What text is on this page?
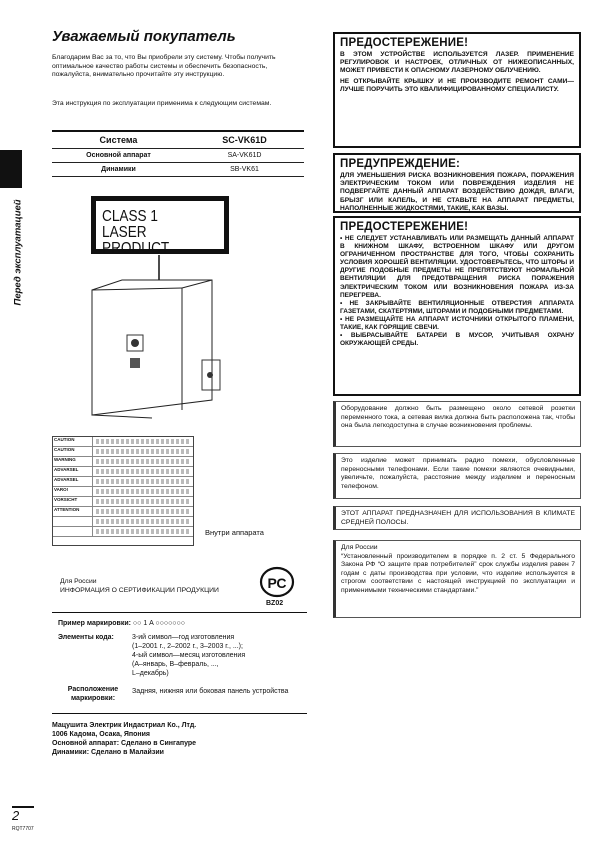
Уважаемый покупатель
Благодарим Вас за то, что Вы приобрели эту систему. Чтобы получить оптимальное качество работы системы и обеспечить безопасность, пожалуйста, внимательно прочитайте эту инструкцию.
Эта инструкция по эксплуатации применима к следующим системам.
Перед эксплуатацией
Система	SC-VK61D
Основной аппарат	SA-VK61D
Динамики	SB-VK61
CLASS 1
LASER PRODUCT
CAUTION
CAUTION
WARNING
ADVARSEL
ADVARSEL
VARO!
VORSICHT
ATTENTION
Внутри аппарата
Для России
ИНФОРМАЦИЯ О СЕРТИФИКАЦИИ ПРОДУКЦИИ	РС
BZ02
Пример маркировки: ○○ 1 A ○○○○○○○
Элементы кода:	3-ий символ—год изготовления
(1–2001 г., 2–2002 г., 3–2003 г., ...);
4-ый символ—месяц изготовления
(A–январь, B–февраль, ...,
L–декабрь)
Расположение
маркировки:
Задняя, нижняя или боковая панель устройства
Мацушита Электрик Индастриал Ко., Лтд.
1006 Кадома, Осака, Япония
Основной аппарат: Сделано в Сингапуре
Динамики: Сделано в Малайзии
2
RQT7707
ПРЕДОСТЕРЕЖЕНИЕ!

В ЭТОМ УСТРОЙСТВЕ ИСПОЛЬЗУЕТСЯ ЛАЗЕР. ПРИМЕНЕНИЕ РЕГУЛИРОВОК И НАСТРОЕК, ОТЛИЧНЫХ ОТ НИЖЕОПИСАННЫХ, МОЖЕТ ПРИВЕСТИ К ОПАСНОМУ ЛАЗЕРНОМУ ОБЛУЧЕНИЮ.

НЕ ОТКРЫВАЙТЕ КРЫШКУ И НЕ ПРОИЗВОДИТЕ РЕМОНТ САМИ—ЛУЧШЕ ПОРУЧИТЬ ЭТО КВАЛИФИЦИРОВАННОМУ СПЕЦИАЛИСТУ.

ПРЕДУПРЕЖДЕНИЕ:

ДЛЯ УМЕНЬШЕНИЯ РИСКА ВОЗНИКНОВЕНИЯ ПОЖАРА, ПОРАЖЕНИЯ ЭЛЕКТРИЧЕСКИМ ТОКОМ ИЛИ ПОВРЕЖДЕНИЯ ИЗДЕЛИЯ НЕ ПОДВЕРГАЙТЕ ДАННЫЙ АППАРАТ ВОЗДЕЙСТВИЮ ДОЖДЯ, ВЛАГИ, БРЫЗГ ИЛИ КАПЕЛЬ, И НЕ СТАВЬТЕ НА АППАРАТ ПРЕДМЕТЫ, НАПОЛНЕННЫЕ ЖИДКОСТЯМИ, ТАКИЕ, КАК ВАЗЫ.

ПРЕДОСТЕРЕЖЕНИЕ!
• НЕ СЛЕДУЕТ УСТАНАВЛИВАТЬ ИЛИ РАЗМЕЩАТЬ ДАННЫЙ АППАРАТ В КНИЖНОМ ШКАФУ, ВСТРОЕННОМ ШКАФУ ИЛИ ДРУГОМ ОГРАНИЧЕННОМ ПРОСТРАНСТВЕ ДЛЯ ТОГО, ЧТОБЫ СОХРАНИТЬ УСЛОВИЯ ХОРОШЕЙ ВЕНТИЛЯЦИИ. УДОСТОВЕРЬТЕСЬ, ЧТО ШТОРЫ И ДРУГИЕ ПОДОБНЫЕ ПРЕДМЕТЫ НЕ ПРЕПЯТСТВУЮТ НОРМАЛЬНОЙ ВЕНТИЛЯЦИИ ДЛЯ ПРЕДОТВРАЩЕНИЯ РИСКА ПОРАЖЕНИЯ ЭЛЕКТРИЧЕСКИМ ТОКОМ ИЛИ ВОЗНИКНОВЕНИЯ ПОЖАРА ИЗ-ЗА ПЕРЕГРЕВА.
• НЕ ЗАКРЫВАЙТЕ ВЕНТИЛЯЦИОННЫЕ ОТВЕРСТИЯ АППАРАТА ГАЗЕТАМИ, СКАТЕРТЯМИ, ШТОРАМИ И ПОДОБНЫМИ ПРЕДМЕТАМИ.
• НЕ РАЗМЕЩАЙТЕ НА АППАРАТ ИСТОЧНИКИ ОТКРЫТОГО ПЛАМЕНИ, ТАКИЕ, КАК ГОРЯЩИЕ СВЕЧИ.
• ВЫБРАСЫВАЙТЕ БАТАРЕИ В МУСОР, УЧИТЫВАЯ ОХРАНУ ОКРУЖАЮЩЕЙ СРЕДЫ.
Оборудование должно быть размещено около сетевой розетки переменного тока, а сетевая вилка должна быть расположена так, чтобы она была легкодоступна в случае возникновения проблемы.
Это изделие может принимать радио помехи, обусловленные переносными телефонами. Если такие помехи являются очевидными, увеличьте, пожалуйста, расстояние между изделием и переносным телефоном.
ЭТОТ АППАРАТ ПРЕДНАЗНАЧЕН ДЛЯ ИСПОЛЬЗОВАНИЯ В КЛИМАТЕ СРЕДНЕЙ ПОЛОСЫ.
Для России
“Установленный производителем в порядке п. 2 ст. 5 Федерального Закона РФ “О защите прав потребителей” срок службы изделия равен 7 годам с даты производства при условии, что изделие используется в строгом соответствии с настоящей инструкцией по эксплуатации и применимыми техническими стандартами.”
